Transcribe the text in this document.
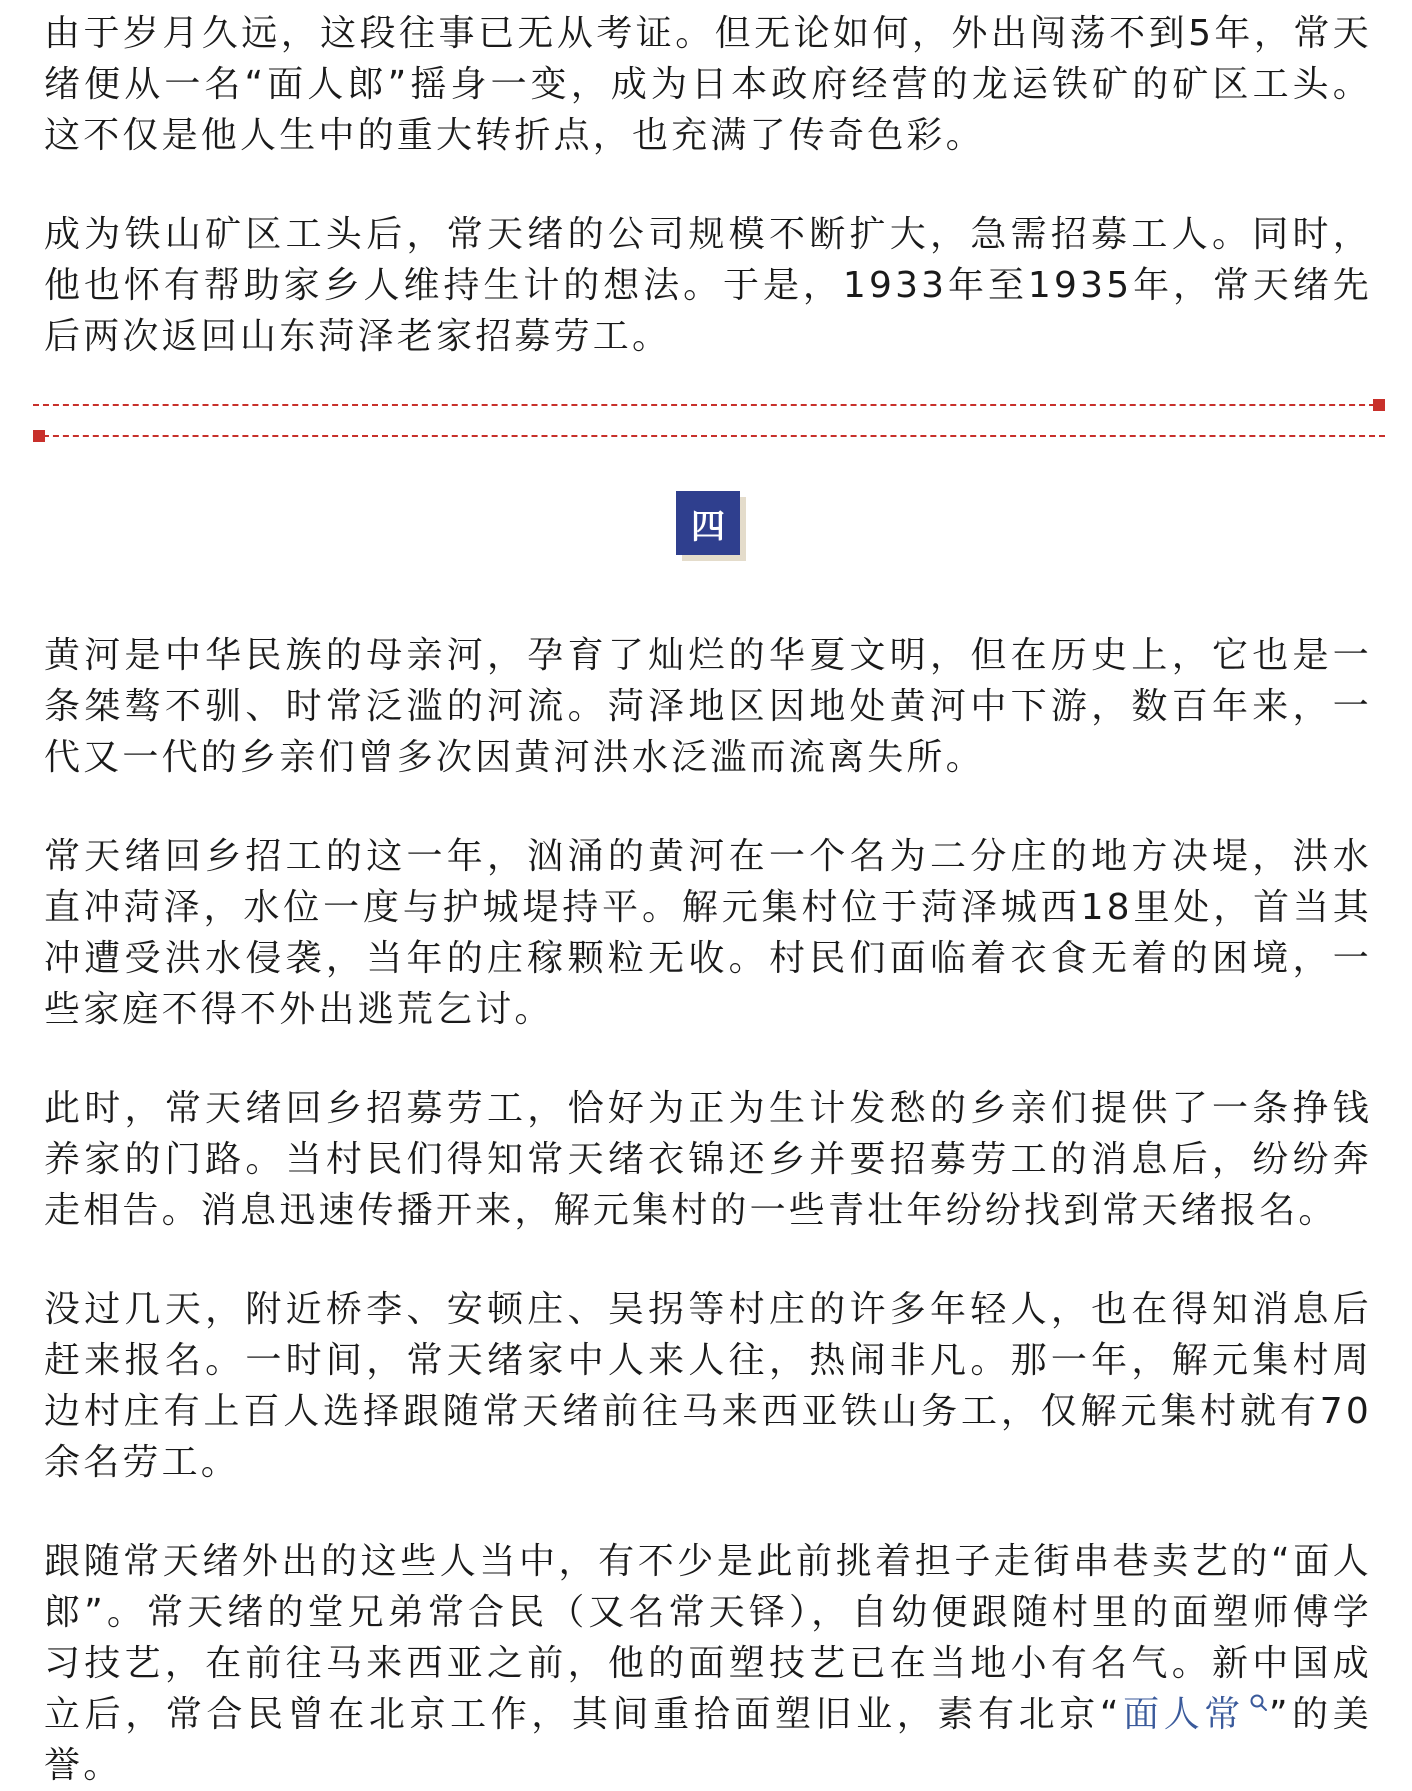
由于岁月久远，这段往事已无从考证。但无论如何，外出闯荡不到5年，常天绪便从一名“面人郎”摇身一变，成为日本政府经营的龙运铁矿的矿区工头。这不仅是他人生中的重大转折点，也充满了传奇色彩。

成为铁山矿区工头后，常天绪的公司规模不断扩大，急需招募工人。同时，他也怀有帮助家乡人维持生计的想法。于是，1933年至1935年，常天绪先后两次返回山东菏泽老家招募劳工。

四

黄河是中华民族的母亲河，孕育了灿烂的华夏文明，但在历史上，它也是一条桀骜不驯、时常泛滥的河流。菏泽地区因地处黄河中下游，数百年来，一代又一代的乡亲们曾多次因黄河洪水泛滥而流离失所。

常天绪回乡招工的这一年，汹涌的黄河在一个名为二分庄的地方决堤，洪水直冲菏泽，水位一度与护城堤持平。解元集村位于菏泽城西18里处，首当其冲遭受洪水侵袭，当年的庄稼颗粒无收。村民们面临着衣食无着的困境，一些家庭不得不外出逃荒乞讨。

此时，常天绪回乡招募劳工，恰好为正为生计发愁的乡亲们提供了一条挣钱养家的门路。当村民们得知常天绪衣锦还乡并要招募劳工的消息后，纷纷奔走相告。消息迅速传播开来，解元集村的一些青壮年纷纷找到常天绪报名。

没过几天，附近桥李、安顿庄、吴拐等村庄的许多年轻人，也在得知消息后赶来报名。一时间，常天绪家中人来人往，热闹非凡。那一年，解元集村周边村庄有上百人选择跟随常天绪前往马来西亚铁山务工，仅解元集村就有70余名劳工。

跟随常天绪外出的这些人当中，有不少是此前挑着担子走街串巷卖艺的“面人郎”。常天绪的堂兄弟常合民（又名常天铎），自幼便跟随村里的面塑师傅学习技艺，在前往马来西亚之前，他的面塑技艺已在当地小有名气。新中国成立后，常合民曾在北京工作，其间重拾面塑旧业，素有北京“面人常 ”的美誉。
